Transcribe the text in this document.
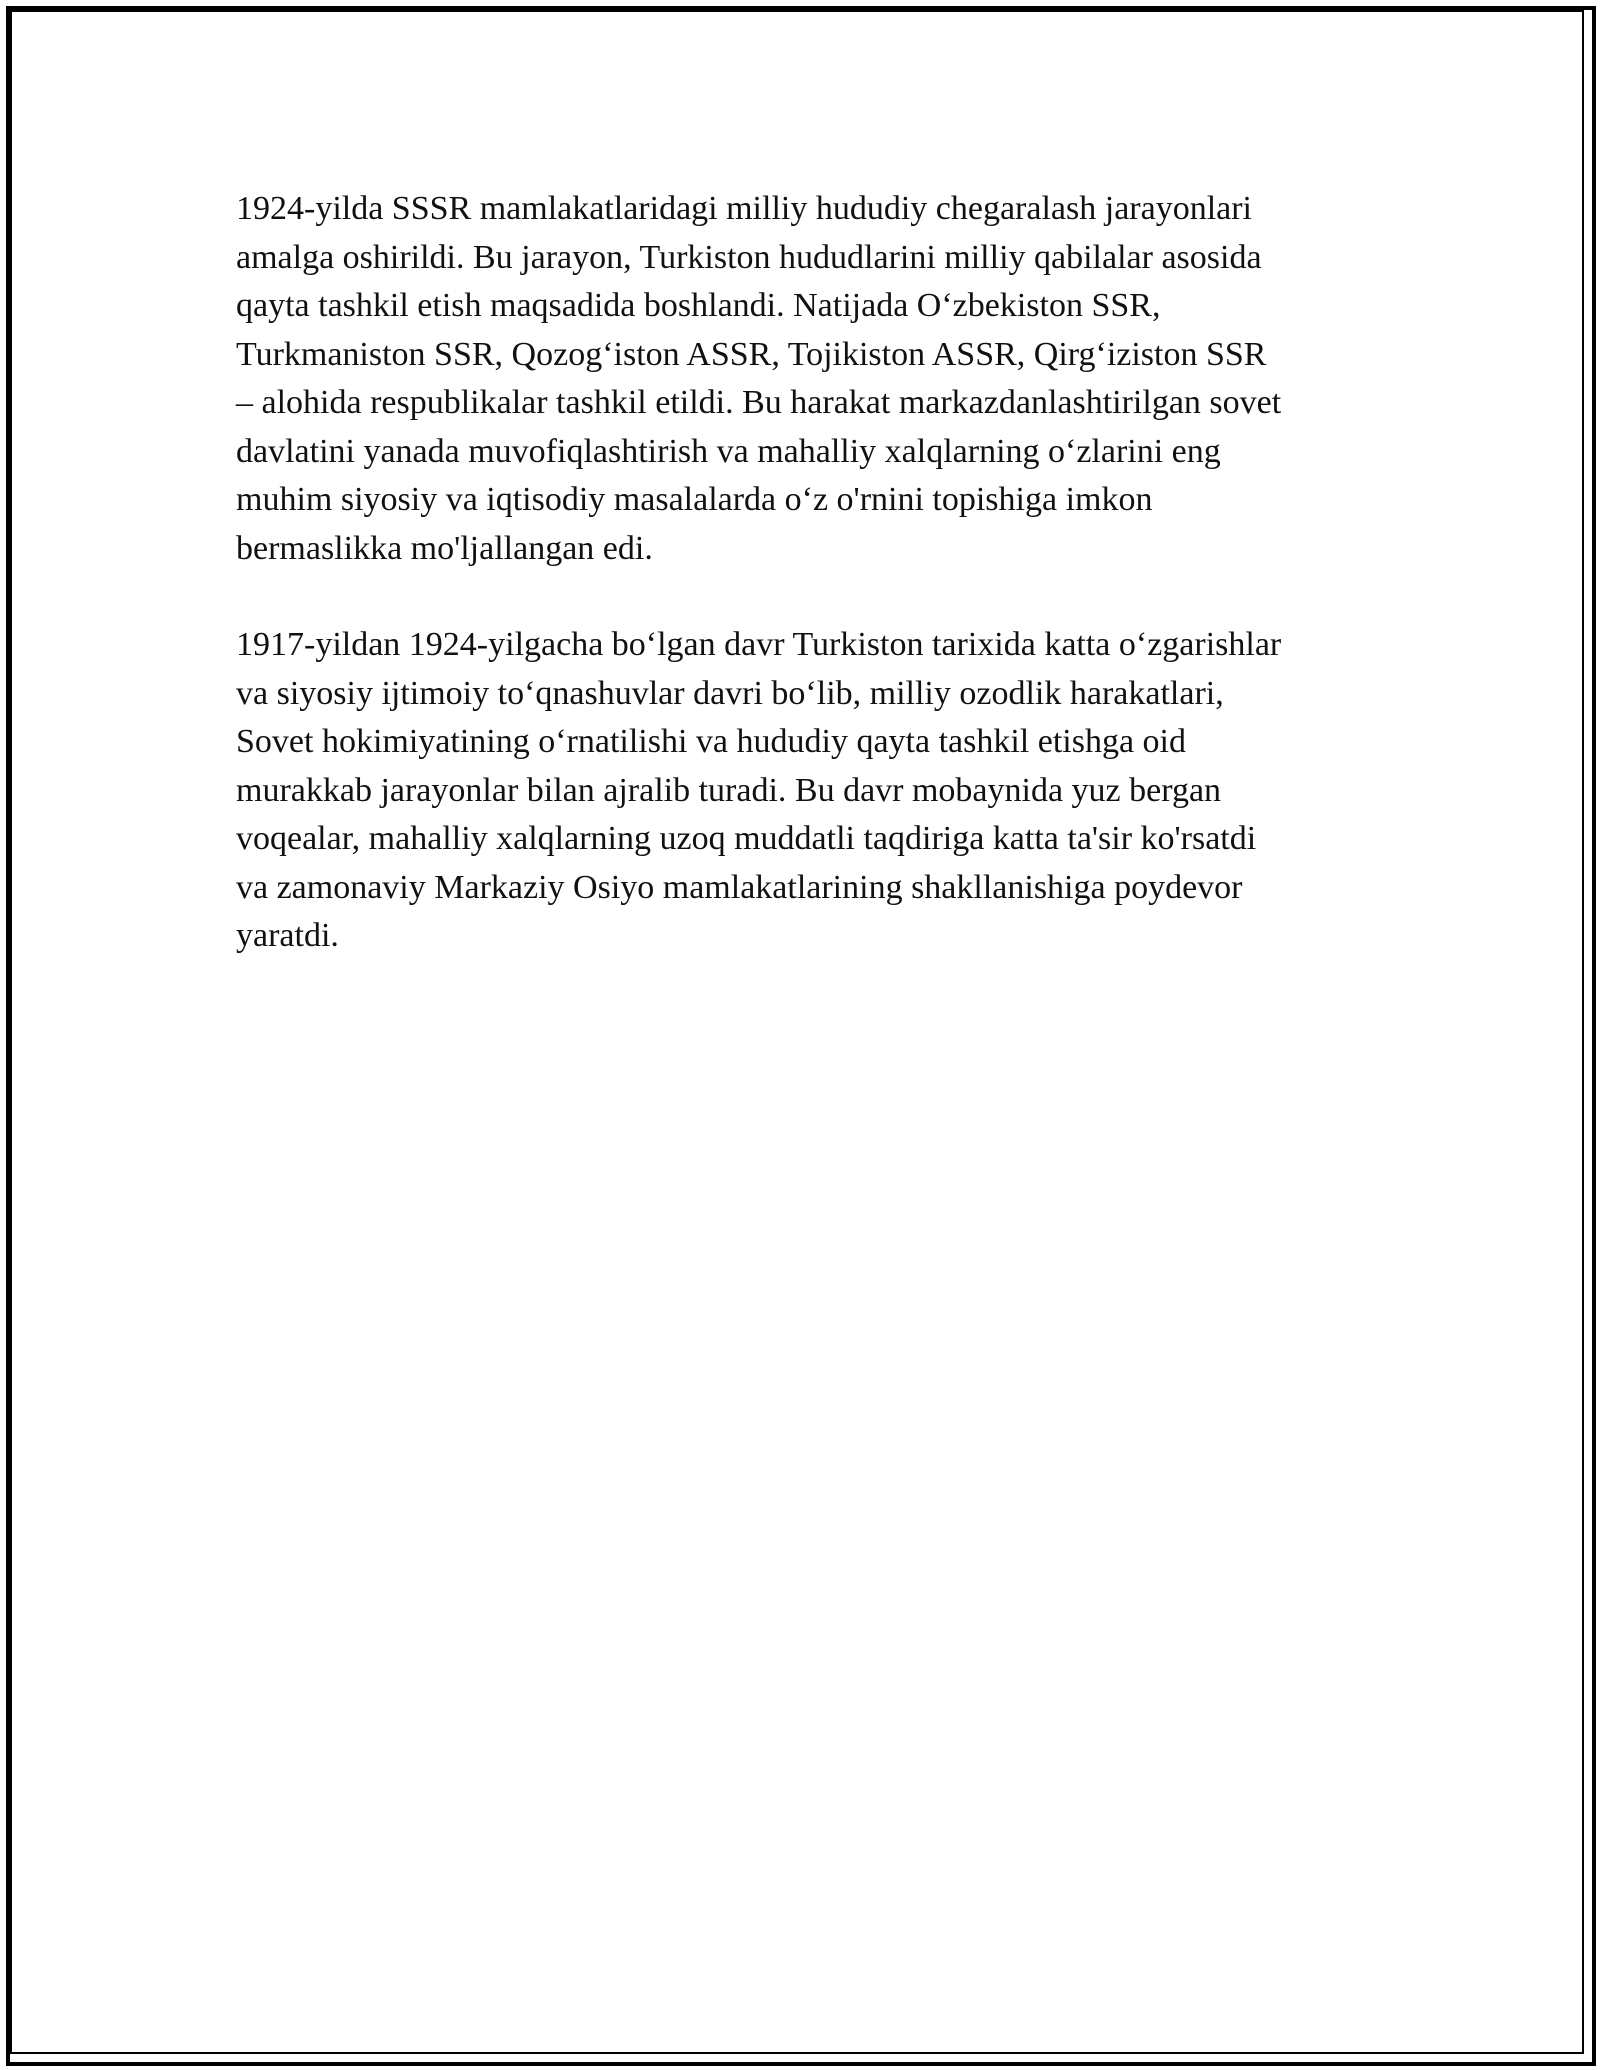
1924-yilda SSSR mamlakatlaridagi milliy hududiy chegaralash jarayonlari
amalga oshirildi. Bu jarayon, Turkiston hududlarini milliy qabilalar asosida
qayta tashkil etish maqsadida boshlandi. Natijada O‘zbekiston SSR,
Turkmaniston SSR, Qozog‘iston ASSR, Tojikiston ASSR, Qirg‘iziston SSR
– alohida respublikalar tashkil etildi. Bu harakat markazdanlashtirilgan sovet
davlatini yanada muvofiqlashtirish va mahalliy xalqlarning o‘zlarini eng
muhim siyosiy va iqtisodiy masalalarda o‘z o'rnini topishiga imkon
bermaslikka mo'ljallangan edi.

1917-yildan 1924-yilgacha bo‘lgan davr Turkiston tarixida katta o‘zgarishlar
va siyosiy ijtimoiy to‘qnashuvlar davri bo‘lib, milliy ozodlik harakatlari,
Sovet hokimiyatining o‘rnatilishi va hududiy qayta tashkil etishga oid
murakkab jarayonlar bilan ajralib turadi. Bu davr mobaynida yuz bergan
voqealar, mahalliy xalqlarning uzoq muddatli taqdiriga katta ta'sir ko'rsatdi
va zamonaviy Markaziy Osiyo mamlakatlarining shakllanishiga poydevor
yaratdi.
